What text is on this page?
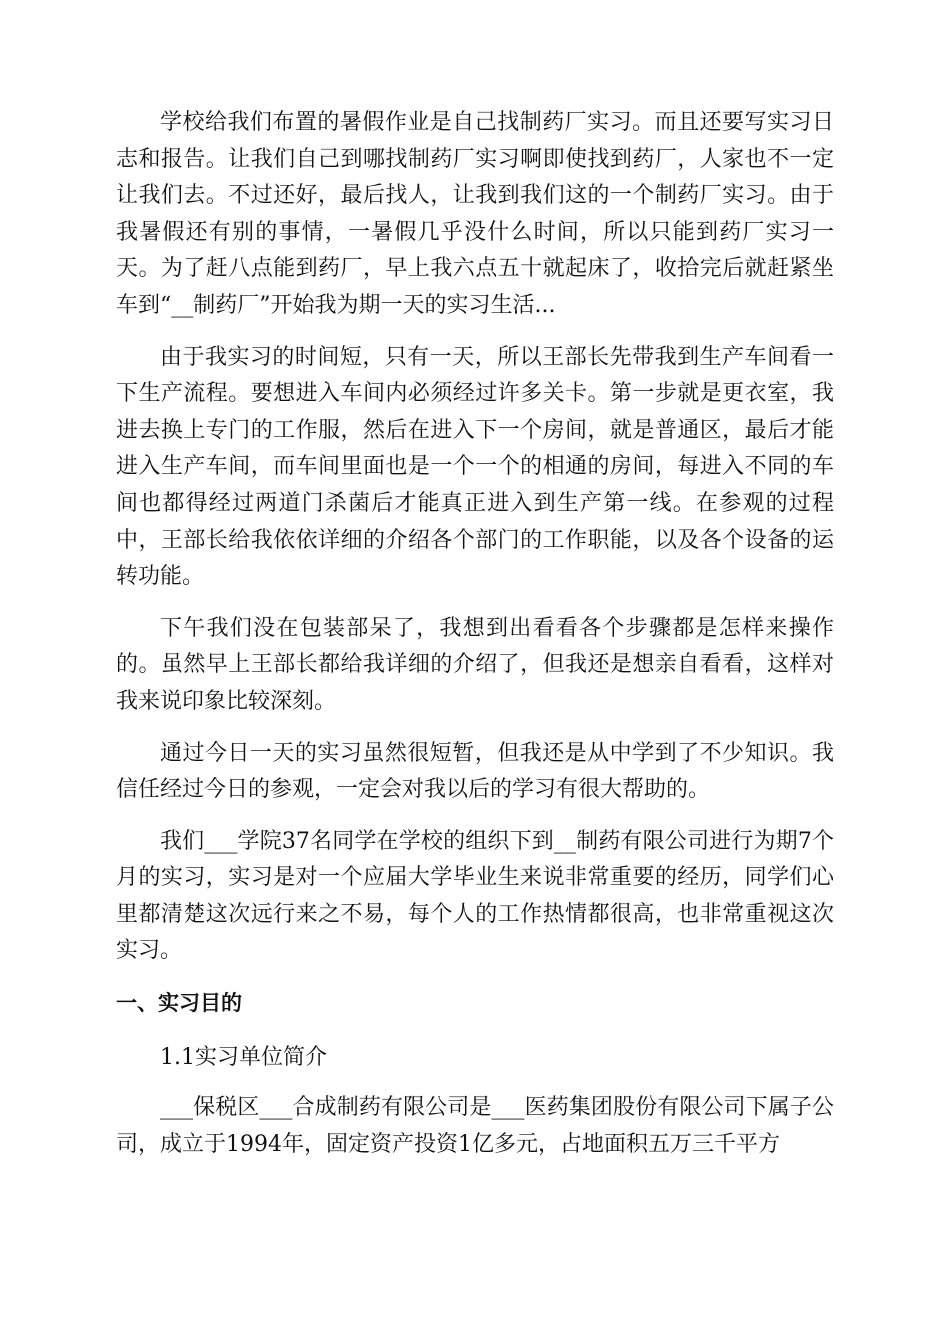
学校给我们布置的暑假作业是自己找制药厂实习。而且还要写实习日志和报告。让我们自己到哪找制药厂实习啊即使找到药厂，人家也不一定让我们去。不过还好，最后找人，让我到我们这的一个制药厂实习。由于我暑假还有别的事情，一暑假几乎没什么时间，所以只能到药厂实习一天。为了赶八点能到药厂，早上我六点五十就起床了，收拾完后就赶紧坐车到“__制药厂”开始我为期一天的实习生活...

由于我实习的时间短，只有一天，所以王部长先带我到生产车间看一下生产流程。要想进入车间内必须经过许多关卡。第一步就是更衣室，我进去换上专门的工作服，然后在进入下一个房间，就是普通区，最后才能进入生产车间，而车间里面也是一个一个的相通的房间，每进入不同的车间也都得经过两道门杀菌后才能真正进入到生产第一线。在参观的过程中，王部长给我依依详细的介绍各个部门的工作职能，以及各个设备的运转功能。

下午我们没在包装部呆了，我想到出看看各个步骤都是怎样来操作的。虽然早上王部长都给我详细的介绍了，但我还是想亲自看看，这样对我来说印象比较深刻。

通过今日一天的实习虽然很短暂，但我还是从中学到了不少知识。我信任经过今日的参观，一定会对我以后的学习有很大帮助的。

我们___学院37名同学在学校的组织下到__制药有限公司进行为期7个月的实习，实习是对一个应届大学毕业生来说非常重要的经历，同学们心里都清楚这次远行来之不易，每个人的工作热情都很高，也非常重视这次实习。

一、实习目的

1.1实习单位简介

___保税区___合成制药有限公司是___医药集团股份有限公司下属子公司，成立于1994年，固定资产投资1亿多元，占地面积五万三千平方
